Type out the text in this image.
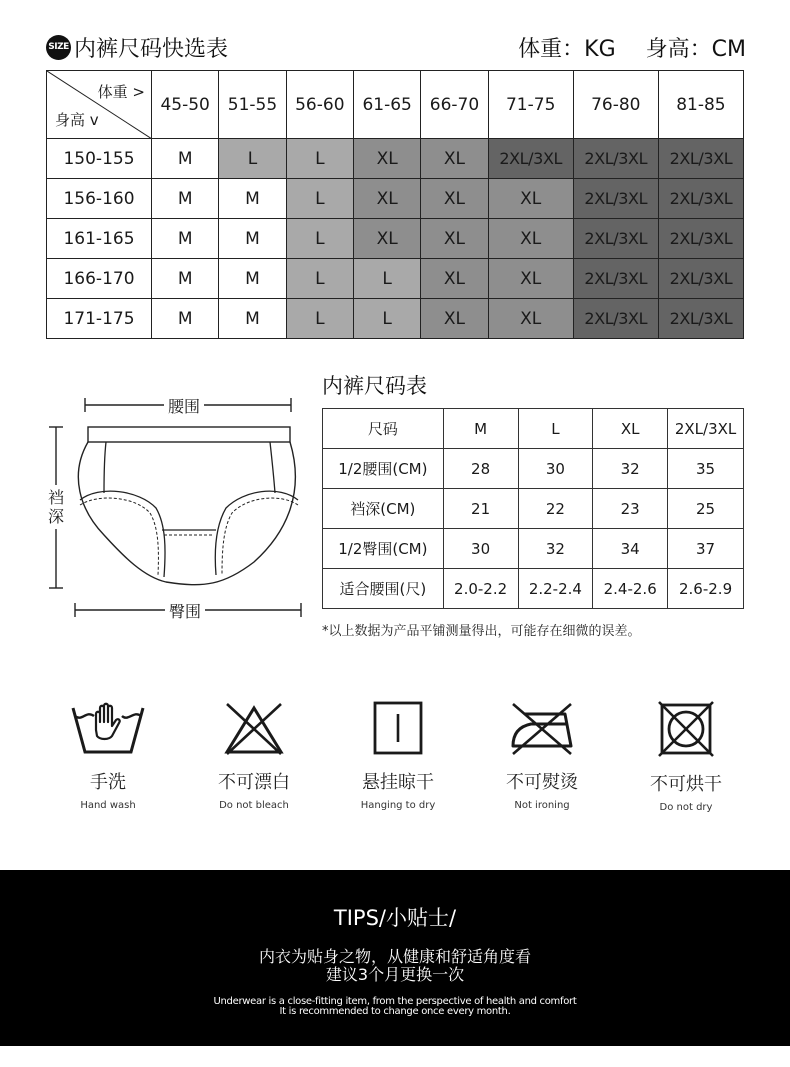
SIZE 内裤尺码快选表	体重：KG 身高：CM
体重 >
身高 v	45-50	51-55	56-60	61-65	66-70	71-75	76-80	81-85
150-155	M	L	L	XL	XL	2XL/3XL	2XL/3XL	2XL/3XL
156-160	M	M	L	XL	XL	XL	2XL/3XL	2XL/3XL
161-165	M	M	L	XL	XL	XL	2XL/3XL	2XL/3XL
166-170	M	M	L	L	XL	XL	2XL/3XL	2XL/3XL
171-175	M	M	L	L	XL	XL	2XL/3XL	2XL/3XL
腰围
裆深
臀围
内裤尺码表
尺码	M	L	XL	2XL/3XL
1/2腰围(CM)	28	30	32	35
裆深(CM)	21	22	23	25
1/2臀围(CM)	30	32	34	37
适合腰围(尺)	2.0-2.2	2.2-2.4	2.4-2.6	2.6-2.9
*以上数据为产品平铺测量得出，可能存在细微的误差。
手洗
Hand wash
不可漂白
Do not bleach
悬挂晾干
Hanging to dry
不可熨烫
Not ironing
不可烘干
Do not dry
TIPS/小贴士/
内衣为贴身之物，从健康和舒适角度看
建议3个月更换一次
Underwear is a close-fitting item, from the perspective of health and comfort
It is recommended to change once every month.
